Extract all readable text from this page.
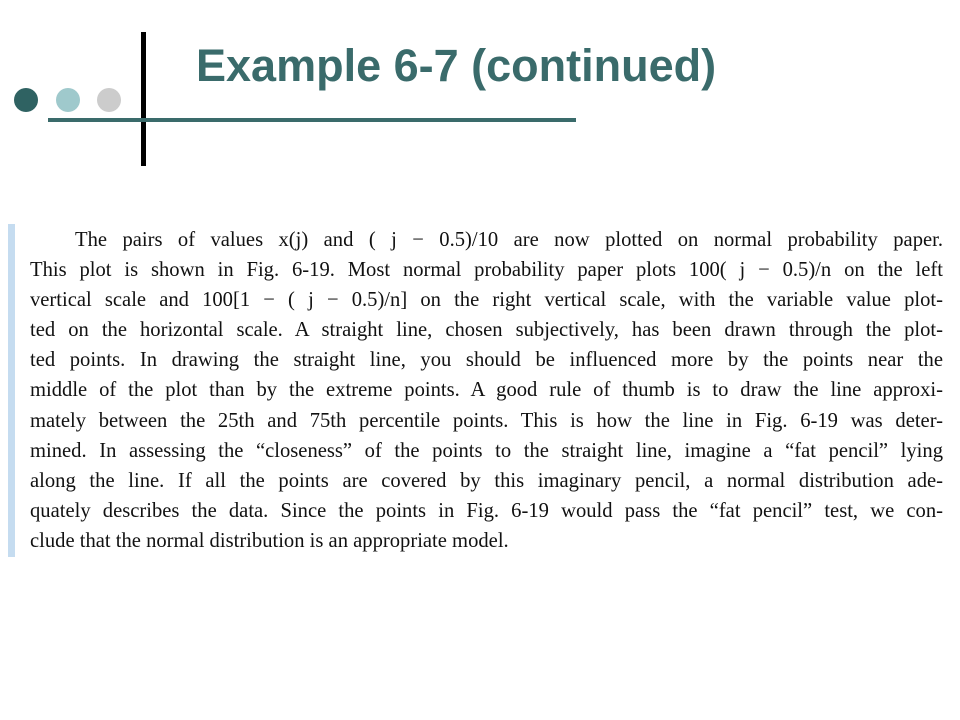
Example 6-7 (continued)
The pairs of values x(j) and ( j − 0.5)/10 are now plotted on normal probability paper.
This plot is shown in Fig. 6-19. Most normal probability paper plots 100( j − 0.5)/n on the left
vertical scale and 100[1 − ( j − 0.5)/n] on the right vertical scale, with the variable value plot-
ted on the horizontal scale. A straight line, chosen subjectively, has been drawn through the plot-
ted points. In drawing the straight line, you should be influenced more by the points near the
middle of the plot than by the extreme points. A good rule of thumb is to draw the line approxi-
mately between the 25th and 75th percentile points. This is how the line in Fig. 6-19 was deter-
mined. In assessing the “closeness” of the points to the straight line, imagine a “fat pencil” lying
along the line. If all the points are covered by this imaginary pencil, a normal distribution ade-
quately describes the data. Since the points in Fig. 6-19 would pass the “fat pencil” test, we con-
clude that the normal distribution is an appropriate model.
